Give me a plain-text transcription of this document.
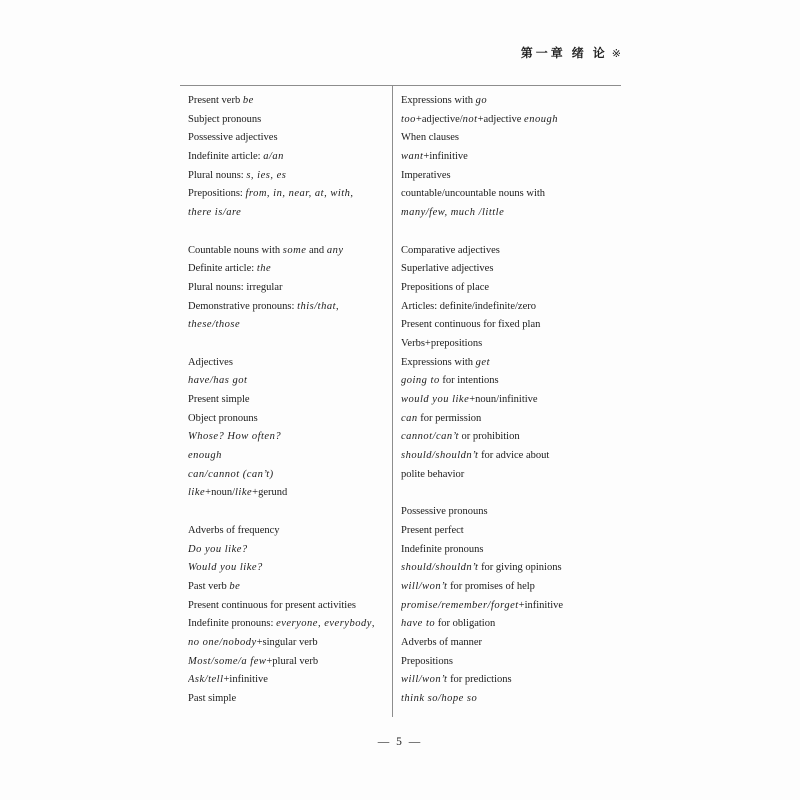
第一章 绪 论 ※
Present verb be
Subject pronouns
Possessive adjectives
Indefinite article: a/an
Plural nouns: s, ies, es
Prepositions: from, in, near, at, with,
there is/are
Countable nouns with some and any
Definite article: the
Plural nouns: irregular
Demonstrative pronouns: this/that,
these/those
Adjectives
have/has got
Present simple
Object pronouns
Whose? How often?
enough
can/cannot (can’t)
like+noun/like+gerund
Adverbs of frequency
Do you like?
Would you like?
Past verb be
Present continuous for present activities
Indefinite pronouns: everyone, everybody,
no one/nobody+singular verb
Most/some/a few+plural verb
Ask/tell+infinitive
Past simple
Expressions with go
too+adjective/not+adjective enough
When clauses
want+infinitive
Imperatives
countable/uncountable nouns with
many/few, much /little
Comparative adjectives
Superlative adjectives
Prepositions of place
Articles: definite/indefinite/zero
Present continuous for fixed plan
Verbs+prepositions
Expressions with get
going to for intentions
would you like+noun/infinitive
can for permission
cannot/can’t or prohibition
should/shouldn’t for advice about
polite behavior
Possessive pronouns
Present perfect
Indefinite pronouns
should/shouldn’t for giving opinions
will/won’t for promises of help
promise/remember/forget+infinitive
have to for obligation
Adverbs of manner
Prepositions
will/won’t for predictions
think so/hope so
— 5 —
